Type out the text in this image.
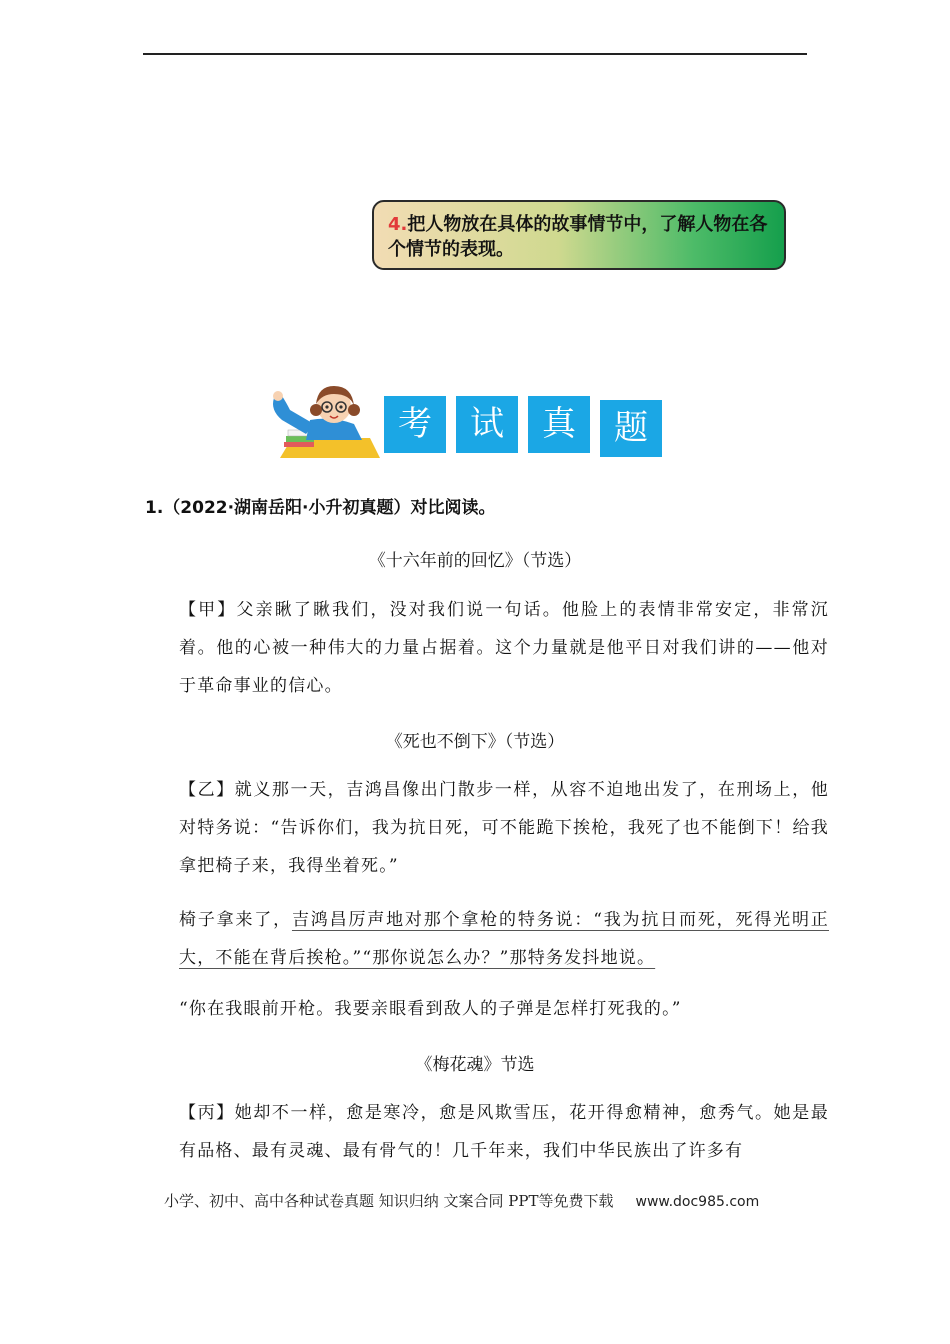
4.把人物放在具体的故事情节中，了解人物在各个情节的表现。
考	试	真	题
1.（2022·湖南岳阳·小升初真题）对比阅读。
《十六年前的回忆》（节选）
【甲】父亲瞅了瞅我们，没对我们说一句话。他脸上的表情非常安定，非常沉着。他的心被一种伟大的力量占据着。这个力量就是他平日对我们讲的——他对于革命事业的信心。
《死也不倒下》（节选）
【乙】就义那一天，吉鸿昌像出门散步一样，从容不迫地出发了，在刑场上，他对特务说：“告诉你们，我为抗日死，可不能跪下挨枪，我死了也不能倒下！给我拿把椅子来，我得坐着死。”
椅子拿来了，吉鸿昌厉声地对那个拿枪的特务说：“我为抗日而死，死得光明正大，不能在背后挨枪。”“那你说怎么办？”那特务发抖地说。
“你在我眼前开枪。我要亲眼看到敌人的子弹是怎样打死我的。”
《梅花魂》节选
【丙】她却不一样，愈是寒冷，愈是风欺雪压，花开得愈精神，愈秀气。她是最有品格、最有灵魂、最有骨气的！几千年来，我们中华民族出了许多有
小学、初中、高中各种试卷真题 知识归纳 文案合同 PPT等免费下载 www.doc985.com
